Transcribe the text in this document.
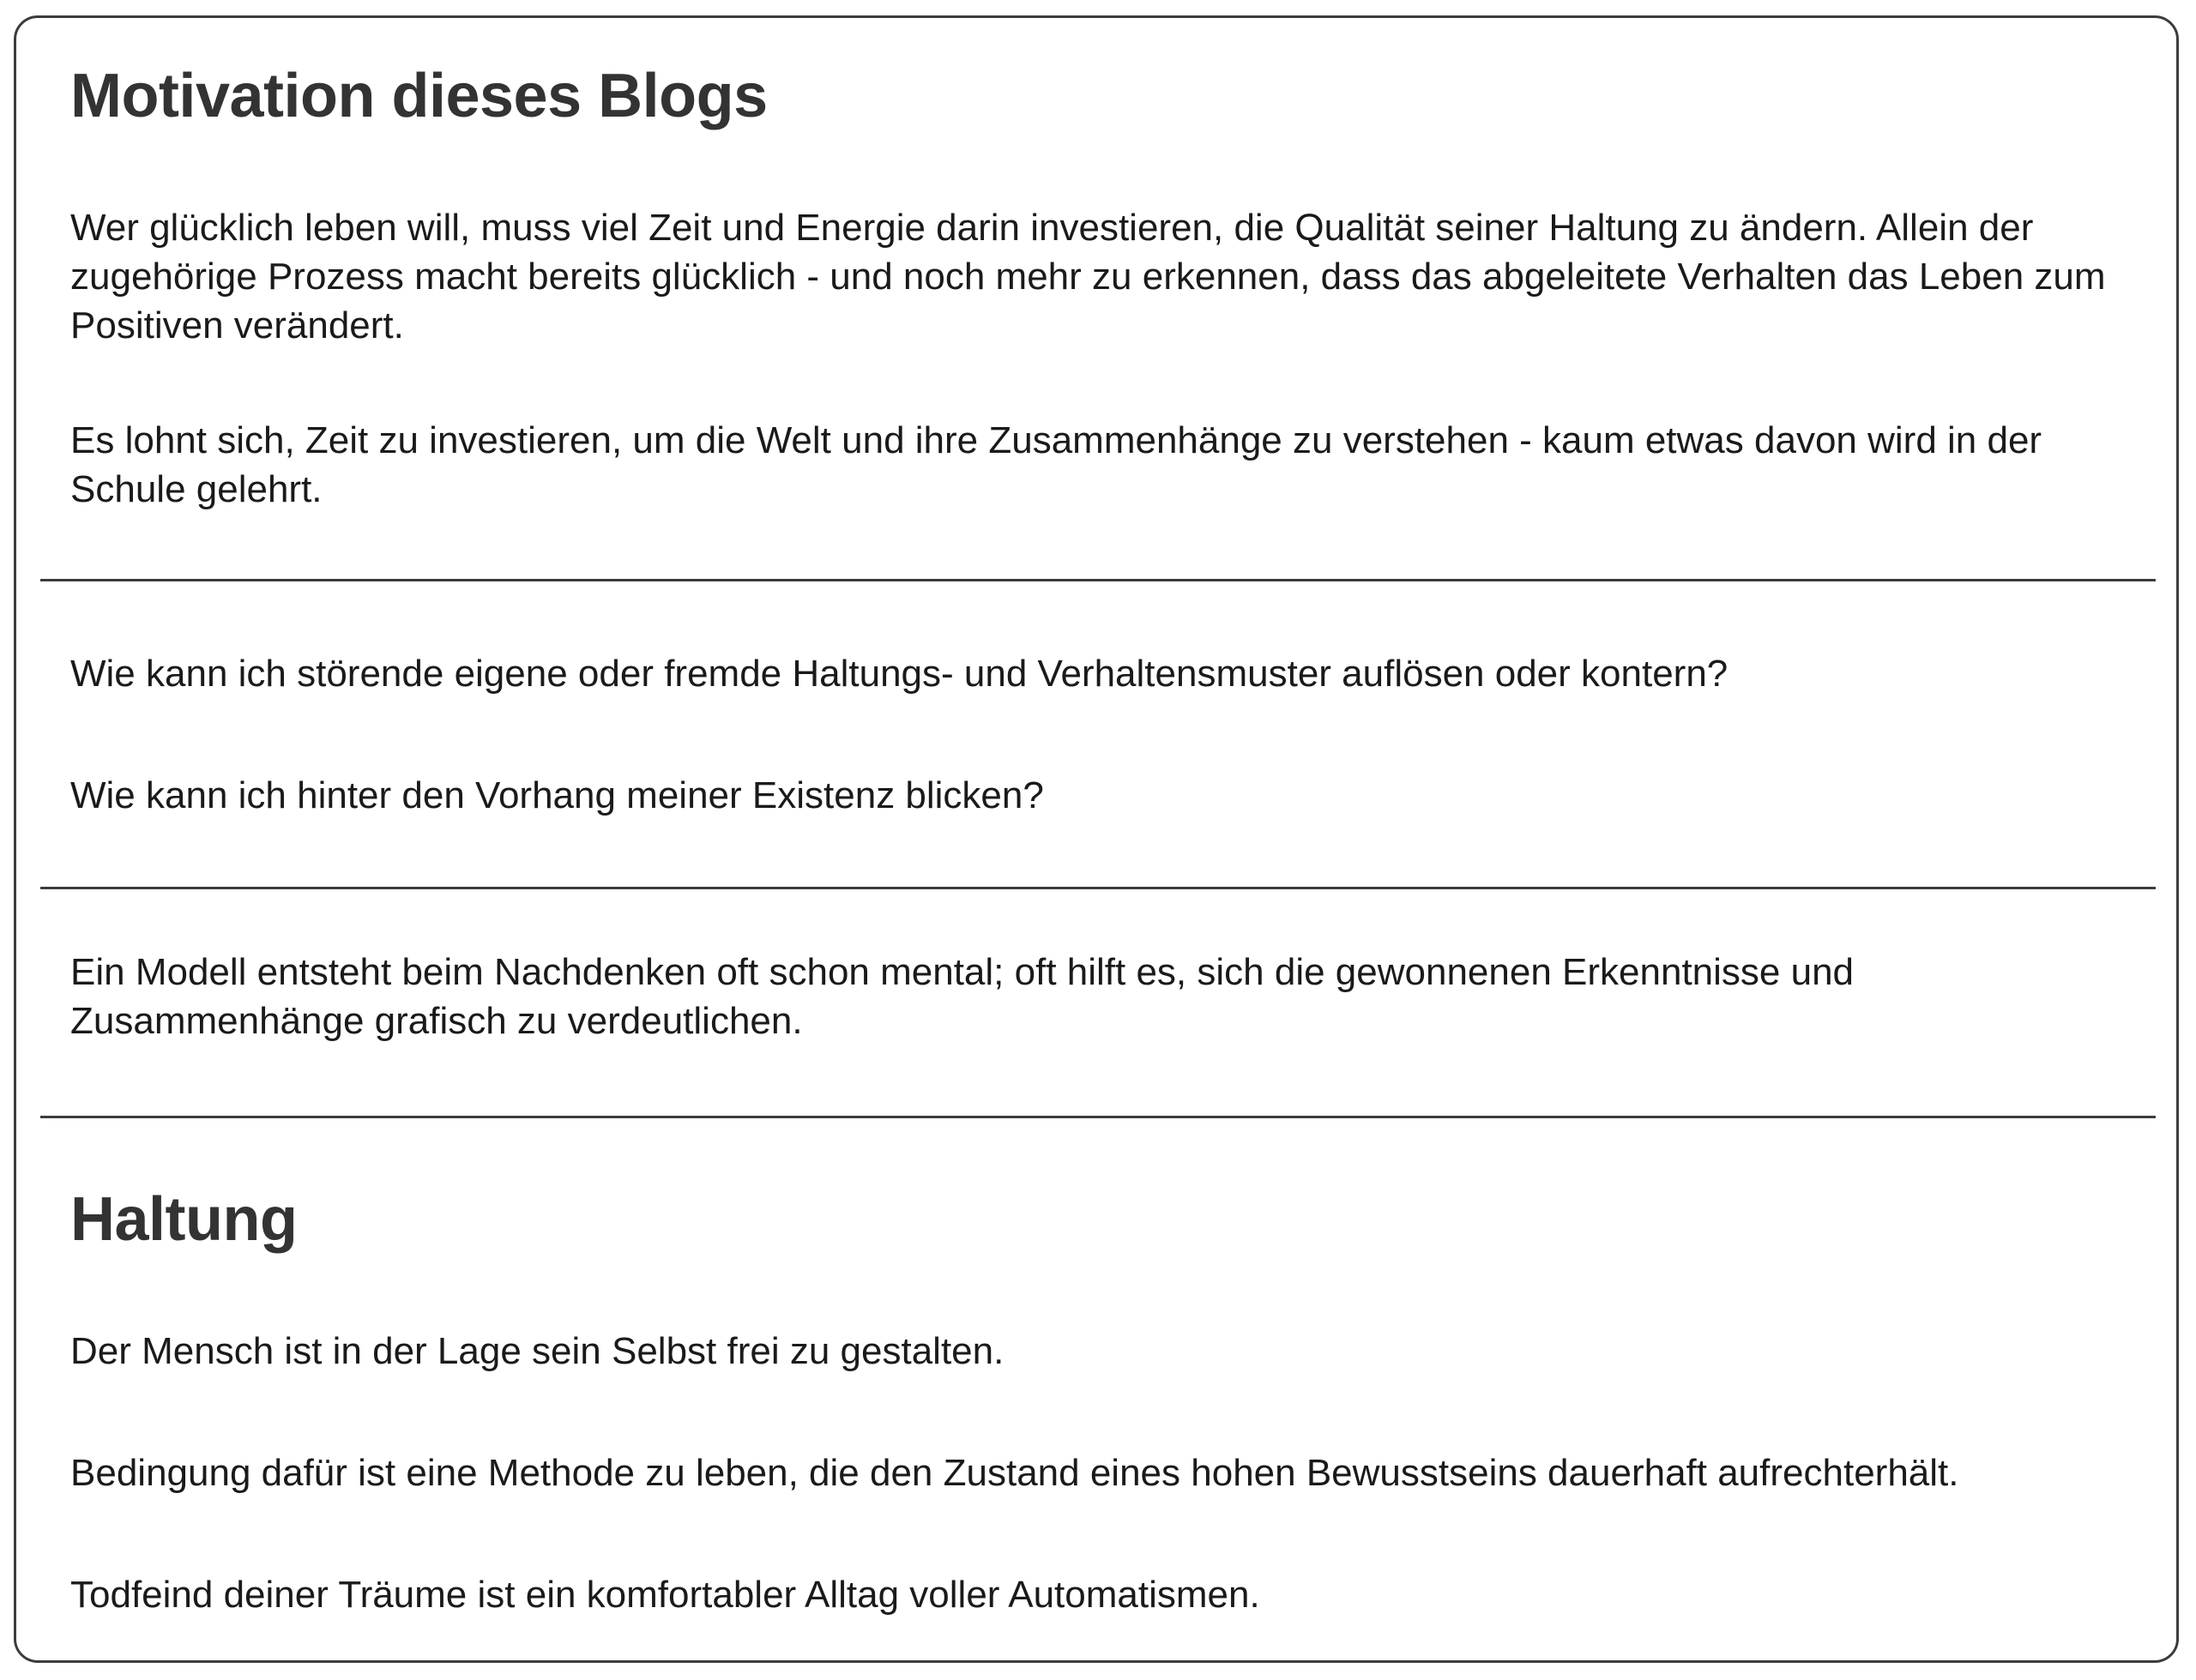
Motivation dieses Blogs

Wer glücklich leben will, muss viel Zeit und Energie darin investieren, die Qualität seiner Haltung zu ändern. Allein der zugehörige Prozess macht bereits glücklich - und noch mehr zu erkennen, dass das abgeleitete Verhalten das Leben zum Positiven verändert.

Es lohnt sich, Zeit zu investieren, um die Welt und ihre Zusammenhänge zu verstehen - kaum etwas davon wird in der Schule gelehrt.

Wie kann ich störende eigene oder fremde Haltungs- und Verhaltensmuster auflösen oder kontern?

Wie kann ich hinter den Vorhang meiner Existenz blicken?

Ein Modell entsteht beim Nachdenken oft schon mental; oft hilft es, sich die gewonnenen Erkenntnisse und Zusammenhänge grafisch zu verdeutlichen.

Haltung

Der Mensch ist in der Lage sein Selbst frei zu gestalten.

Bedingung dafür ist eine Methode zu leben, die den Zustand eines hohen Bewusstseins dauerhaft aufrechterhält.

Todfeind deiner Träume ist ein komfortabler Alltag voller Automatismen.
